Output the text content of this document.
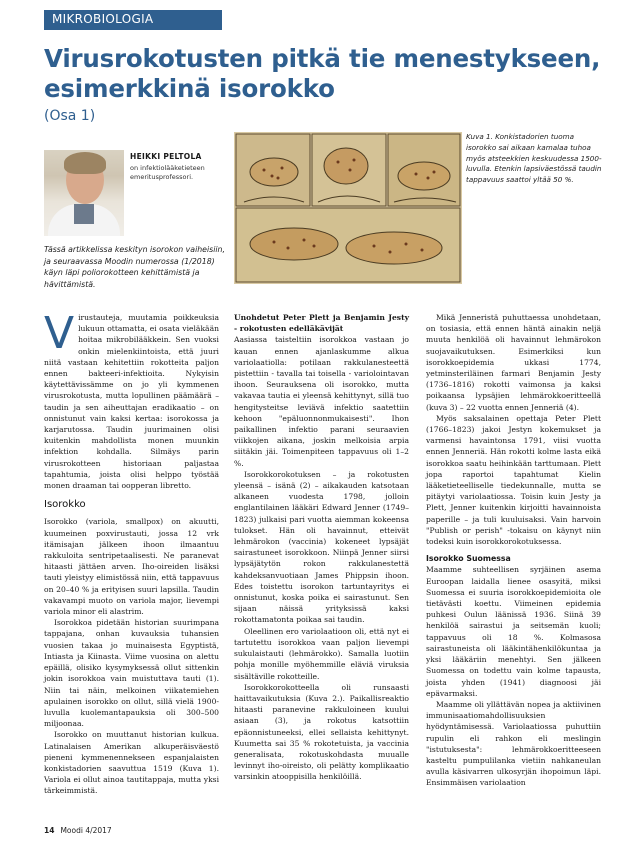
MIKROBIOLOGIA
Virusrokotusten pitkä tie menestykseen, esimerkkinä isorokko
(Osa 1)
HEIKKI PELTOLA
on infektiolääketieteen emeritusprofessori.
Tässä artikkelissa keskityn isorokon vaiheisiin, ja seuraavassa Moodin numerossa (1/2018) käyn läpi poliorokotteen kehittämistä ja hävittämistä.
Kuva 1. Konkistadorien tuoma isorokko sai aikaan kamalaa tuhoa myös atsteekkien keskuudessa 1500-luvulla. Etenkin lapsiväestössä taudin tappavuus saattoi yltää 50 %.

Virustauteja, muutamia poikkeuksia lukuun ottamatta, ei osata vieläkään hoitaa mikrobilääkkein. Sen vuoksi onkin mielenkiintoista, että juuri niitä vastaan kehitettiin rokotteita paljon ennen bakteeri-infektioita. Nykyisin käytettävissämme on jo yli kymmenen virusrokotusta, mutta lopullinen päämäärä – taudin ja sen aiheuttajan eradikaatio – on onnistunut vain kaksi kertaa: isorokossa ja karjarutossa. Taudin juurimainen olisi kuitenkin mahdollista monen muunkin infektion kohdalla. Silmäys parin virusrokotteen historiaan paljastaa tapahtumia, joista olisi helppo työstää monen draaman tai oopperan libretto.

Isorokko

Isorokko (variola, smallpox) on akuutti, kuumeinen poxvirustauti, jossa 12 vrk itämisajan jälkeen ihoon ilmaantuu rakkuloita sentripetaalisesti. Ne paranevat hitaasti jättäen arven. Iho-oireiden lisäksi tauti yleistyy elimistössä niin, että tappavuus on 20–40 % ja erityisen suuri lapsilla. Taudin vakavampi muoto on variola major, lievempi variola minor eli alastrim.

Isorokkoa pidetään historian suurimpana tappajana, onhan kuvauksia tuhansien vuosien takaa jo muinaisesta Egyptistä, Intiasta ja Kiinasta. Viime vuosina on alettu epäillä, olisiko kysymyksessä ollut sittenkin jokin isorokkoa vain muistuttava tauti (1). Niin tai näin, melkoinen viikatemiehen apulainen isorokko on ollut, sillä vielä 1900-luvulla kuolemantapauksia oli 300–500 miljoonaa.

Isorokko on muuttanut historian kulkua. Latinalaisen Amerikan alkuperäisväestö pieneni kymmenennekseen espanjalaisten konkistadorien saavuttua 1519 (Kuva 1). Variola ei ollut ainoa tautitappaja, mutta yksi tärkeimmistä.

Unohdetut Peter Plett ja Benjamin Jesty - rokotusten edelläkävijät

Aasiassa taisteltiin isorokkoa vastaan jo kauan ennen ajanlaskumme alkua variolaatiolla: potilaan rakkulanesteettä pistettiin - tavalla tai toisella - variolointavan ihoon. Seurauksena oli isorokko, mutta vakavaa tautia ei yleensä kehittynyt, sillä tuo hengitysteitse leviävä infektio saatettiin kehoon "epäluonnonmukaisesti". Ihon paikallinen infektio parani seuraavien viikkojen aikana, joskin melkoisia arpia siitäkin jäi. Toimenpiteen tappavuus oli 1–2 %.

Isorokkorokotuksen – ja rokotusten yleensä – isänä (2) – aikakauden katsotaan alkaneen vuodesta 1798, jolloin englantilainen lääkäri Edward Jenner (1749–1823) julkaisi pari vuotta aiemman kokeensa tulokset. Hän oli havainnut, etteivät lehmärokon (vaccinia) kokeneet lypsäjät sairastuneet isorokkoon. Niinpä Jenner siirsi lypsäjätytön rokon rakkulanestettä kahdeksanvuotiaan James Phippsin ihoon. Edes toistettu isorokon tartuntayritys ei onnistunut, koska poika ei sairastunut. Sen sijaan näissä yrityksissä kaksi rokottamatonta poikaa sai taudin.

Oleellinen ero variolaatioon oli, että nyt ei tartutettu isorokkoa vaan paljon lievempi sukulaistauti (lehmärokko). Samalla luotiin pohja monille myöhemmille eläviä viruksia sisältäville rokotteille.

Isorokkorokotteella oli runsaasti haittavaikutuksia (Kuva 2.). Paikallisreaktio hitaasti paranevine rakkuloineen kuului asiaan (3), ja rokotus katsottiin epäonnistuneeksi, ellei sellaista kehittynyt. Kuumetta sai 35 % rokotetuista, ja vaccinia generalisata, rokotuskohdasta muualle levinnyt iho-oireisto, oli pelätty komplikaatio varsinkin atooppisilla henkilöillä.

Mikä Jenneristä puhuttaessa unohdetaan, on tosiasia, että ennen häntä ainakin neljä muuta henkilöä oli havainnut lehmärokon suojavaikutuksen. Esimerkiksi kun isorokkoepidemia ukkasi 1774, yetminsteriläinen farmari Benjamin Jesty (1736–1816) rokotti vaimonsa ja kaksi poikaansa lypsäjien lehmärokkoeritteellä (kuva 3) – 22 vuotta ennen Jenneriä (4).

Myös saksalainen opettaja Peter Plett (1766–1823) jakoi Jestyn kokemukset ja varmensi havaintonsa 1791, viisi vuotta ennen Jenneriä. Hän rokotti kolme lasta eikä isorokkoa saatu heihinkään tarttumaan. Plett jopa raportoi tapahtumat Kielin lääketieteelliselle tiedekunnalle, mutta se pitäytyi variolaatiossa. Toisin kuin Jesty ja Plett, Jenner kuitenkin kirjoitti havainnoista paperille – ja tuli kuuluisaksi. Vain harvoin "Publish or perish" -tokaisu on käynyt niin todeksi kuin isorokkorokotuksessa.

Isorokko Suomessa

Maamme suhteellisen syrjäinen asema Euroopan laidalla lienee osasyitä, miksi Suomessa ei suuria isorokkoepidemioita ole tietävästi koettu. Viimeinen epidemia puhkesi Oulun läänissä 1936. Siinä 39 henkilöä sairastui ja seitsemän kuoli; tappavuus oli 18 %. Kolmasosa sairastuneista oli lääkintähenkilökuntaa ja yksi lääkäriin menehtyi. Sen jälkeen Suomessa on todettu vain kolme tapausta, joista yhden (1941) diagnoosi jäi epävarmaksi.

Maamme oli yllättävän nopea ja aktiivinen immunisaatiomahdollisuuksien hyödyntämisessä. Variolaatiossa puhuttiin rupulin eli rahkon eli meslingin "istutuksesta": lehmärokkoeritteeseen kasteltu pumpulilanka vietiin nahkaneulan avulla käsivarren ulkosyrjän ihopoimun läpi. Ensimmäisen variolaation

14 Moodi 4/2017
